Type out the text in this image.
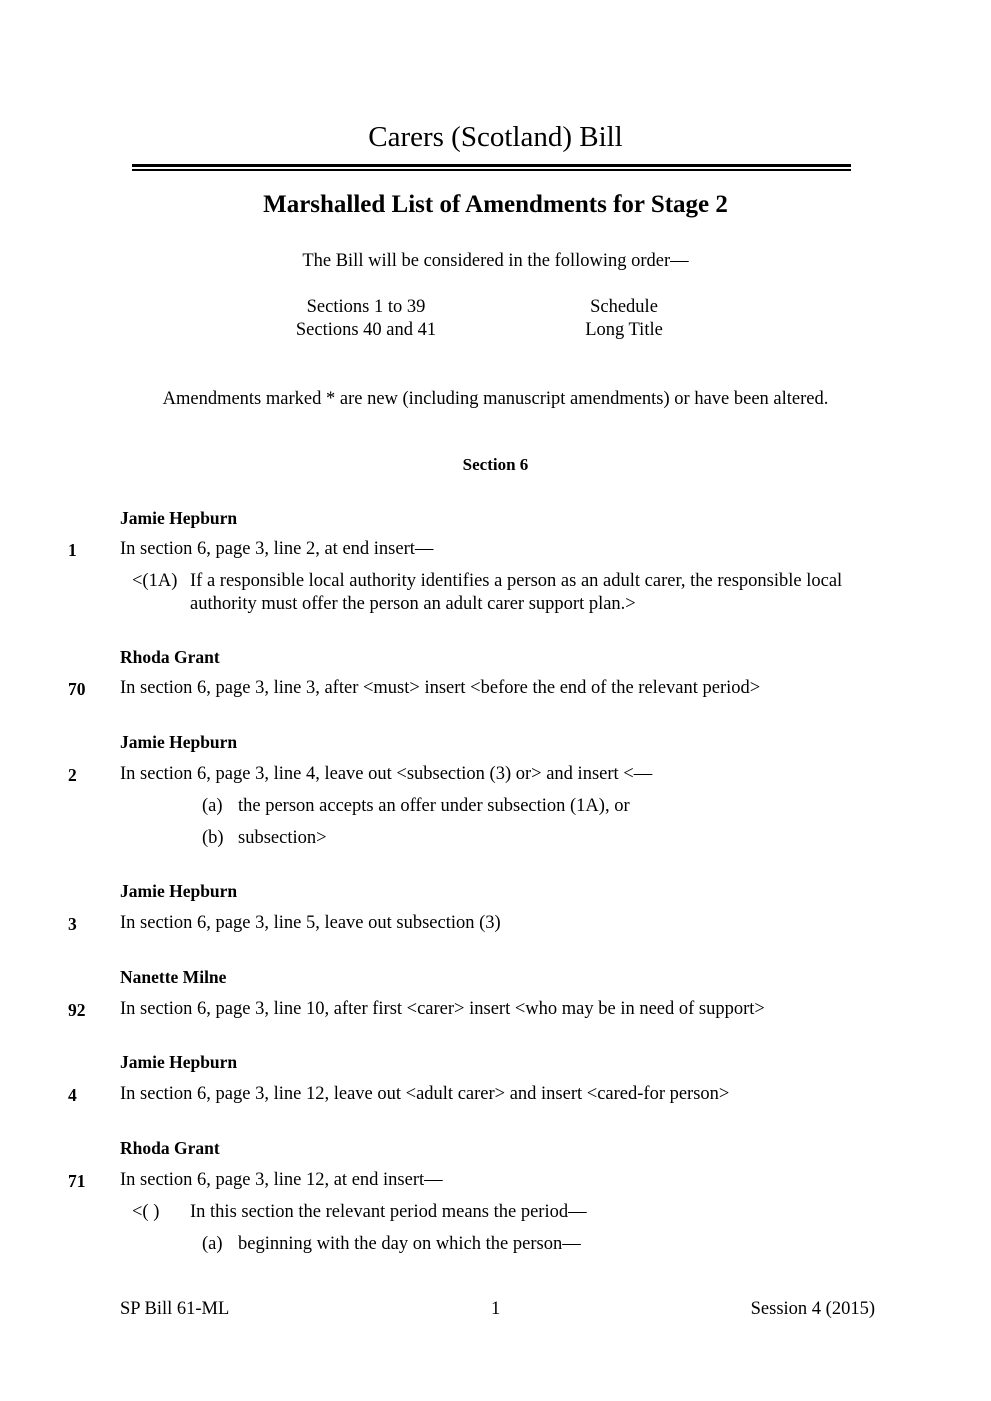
Carers (Scotland) Bill
Marshalled List of Amendments for Stage 2
The Bill will be considered in the following order—
Sections 1 to 39
Sections 40 and 41
Schedule
Long Title
Amendments marked * are new (including manuscript amendments) or have been altered.
Section 6
Jamie Hepburn
1 In section 6, page 3, line 2, at end insert—
<(1A) If a responsible local authority identifies a person as an adult carer, the responsible local
authority must offer the person an adult carer support plan.>
Rhoda Grant
70 In section 6, page 3, line 3, after <must> insert <before the end of the relevant period>
Jamie Hepburn
2 In section 6, page 3, line 4, leave out <subsection (3) or> and insert <—
(a) the person accepts an offer under subsection (1A), or
(b) subsection>
Jamie Hepburn
3 In section 6, page 3, line 5, leave out subsection (3)
Nanette Milne
92 In section 6, page 3, line 10, after first <carer> insert <who may be in need of support>
Jamie Hepburn
4 In section 6, page 3, line 12, leave out <adult carer> and insert <cared-for person>
Rhoda Grant
71 In section 6, page 3, line 12, at end insert—
<( ) In this section the relevant period means the period—
(a) beginning with the day on which the person—
SP Bill 61-ML	1	Session 4 (2015)
